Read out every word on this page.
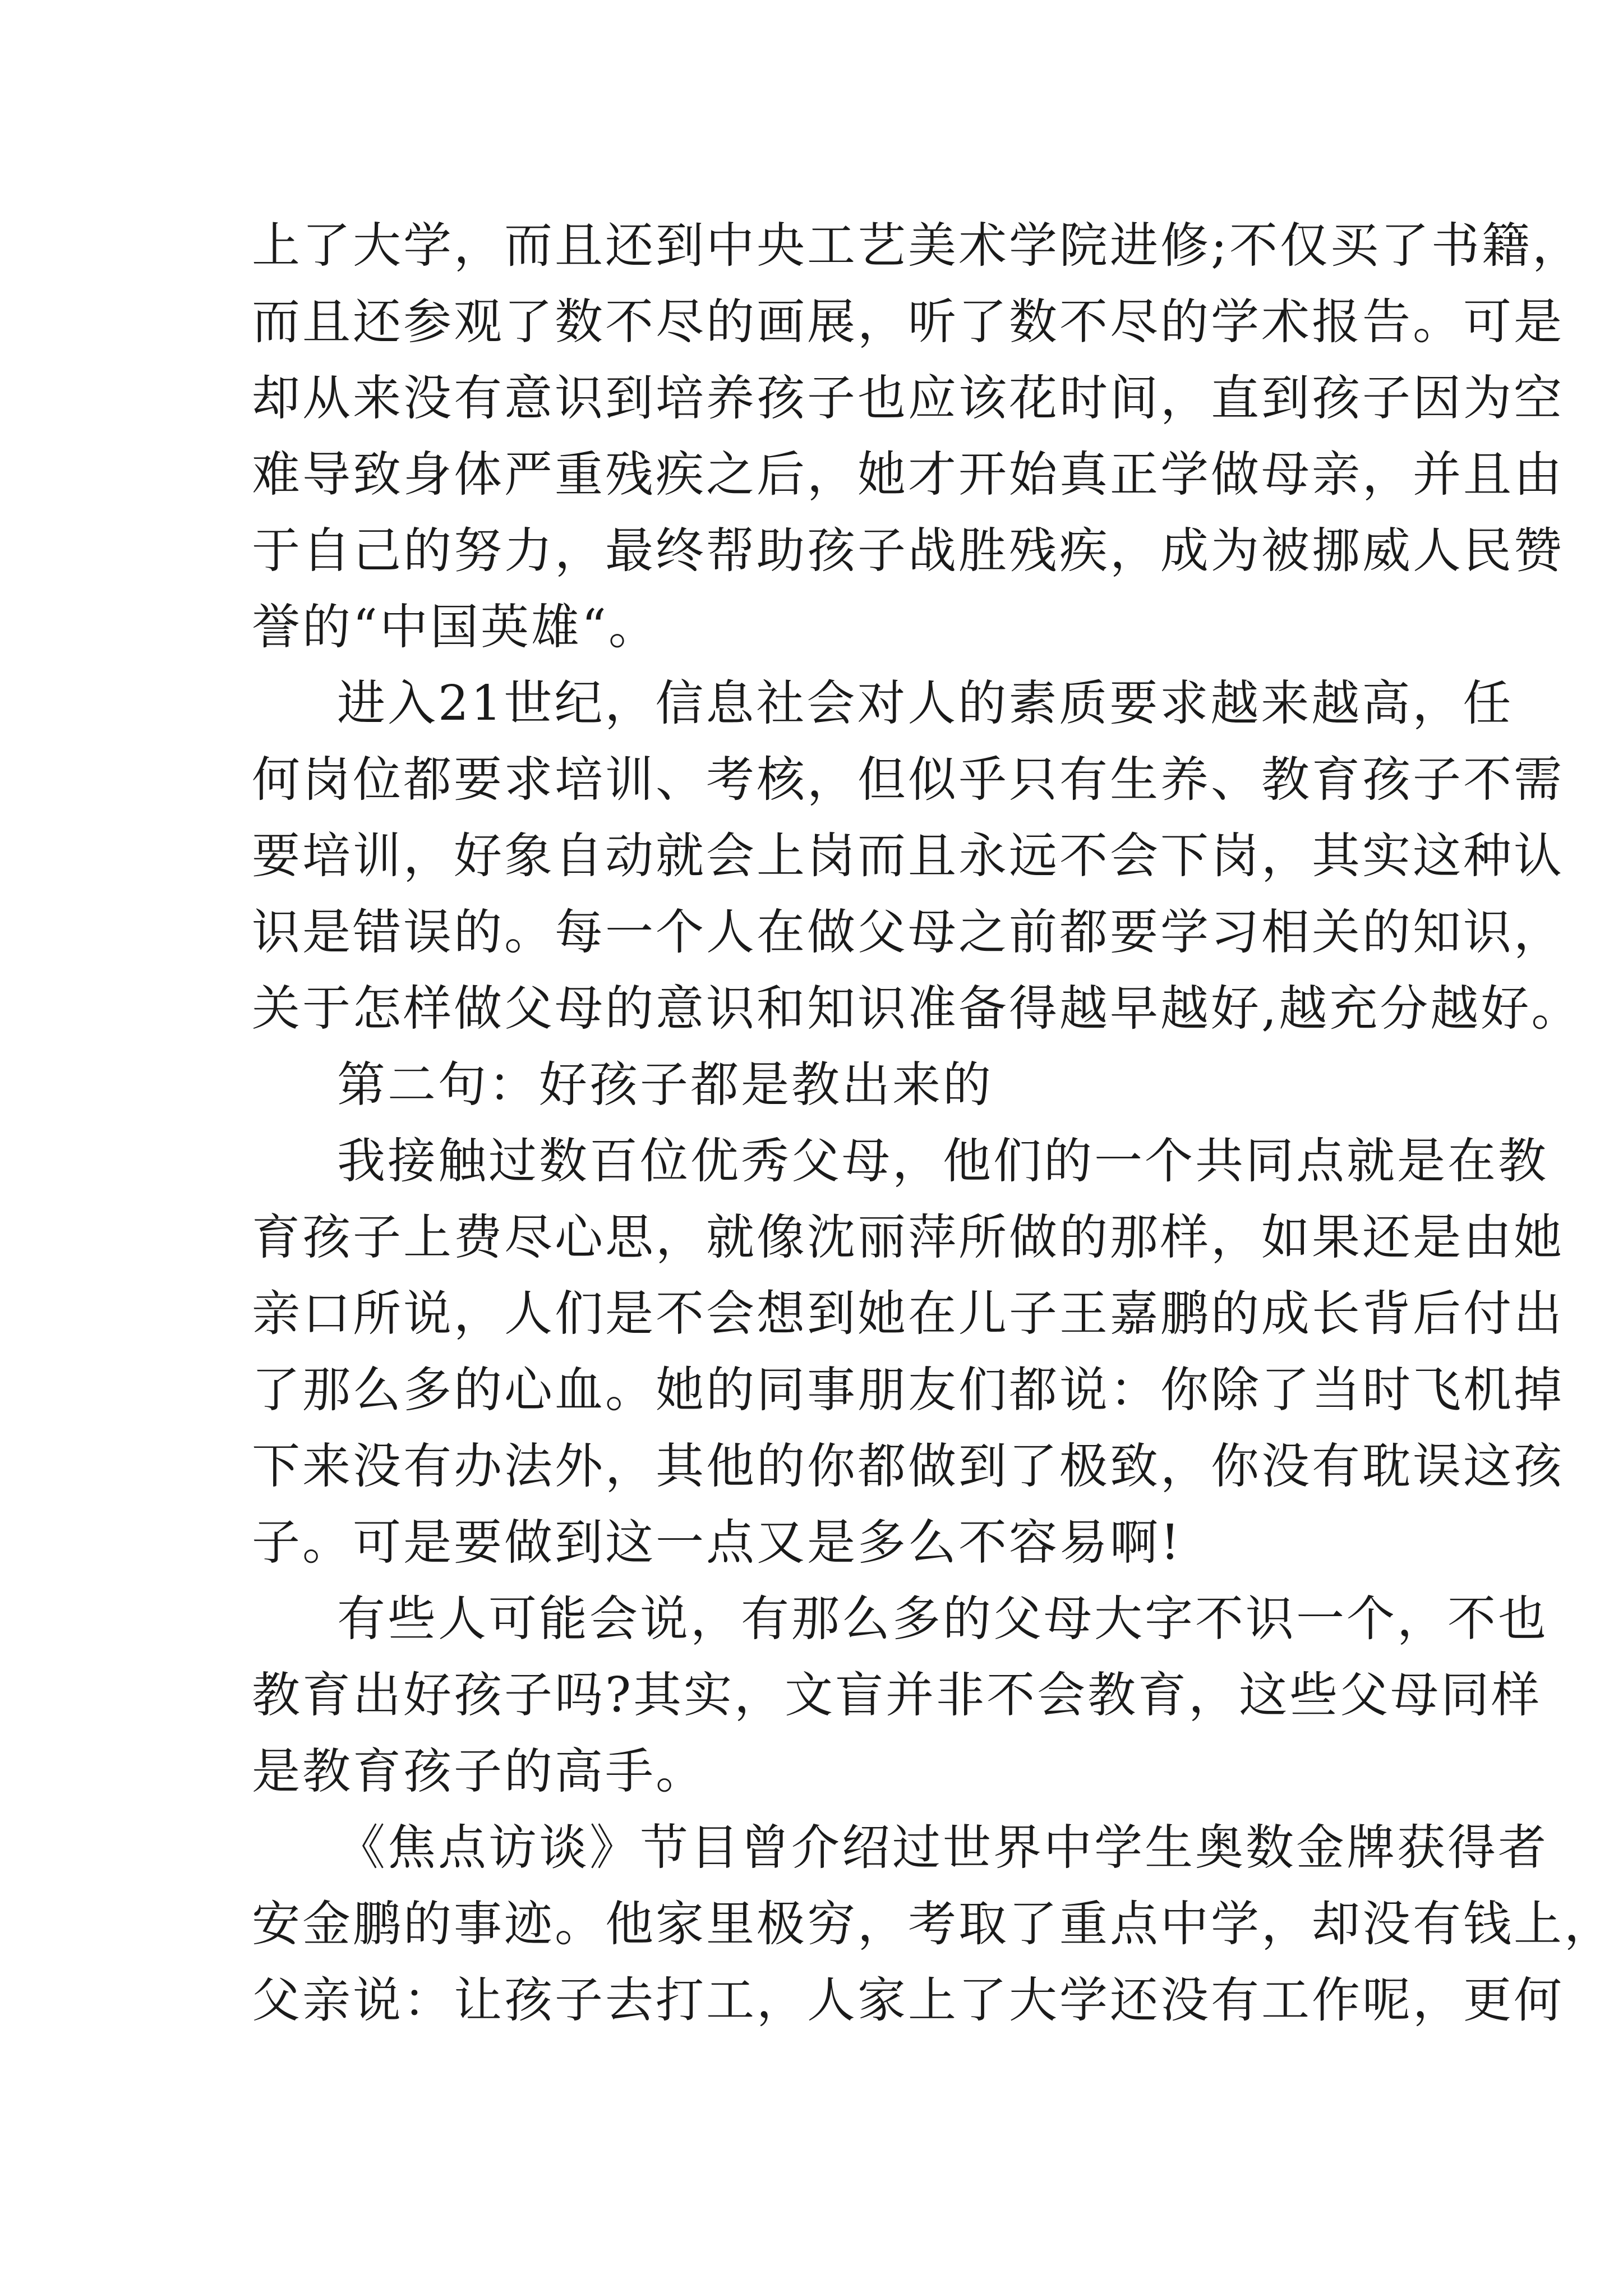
上了大学，而且还到中央工艺美术学院进修;不仅买了书籍，
而且还参观了数不尽的画展，听了数不尽的学术报告。可是
却从来没有意识到培养孩子也应该花时间，直到孩子因为空
难导致身体严重残疾之后，她才开始真正学做母亲，并且由
于自己的努力，最终帮助孩子战胜残疾，成为被挪威人民赞
誉的“中国英雄“。
进入21世纪，信息社会对人的素质要求越来越高，任
何岗位都要求培训、考核，但似乎只有生养、教育孩子不需
要培训，好象自动就会上岗而且永远不会下岗，其实这种认
识是错误的。每一个人在做父母之前都要学习相关的知识，
关于怎样做父母的意识和知识准备得越早越好,越充分越好。
第二句：好孩子都是教出来的
我接触过数百位优秀父母，他们的一个共同点就是在教
育孩子上费尽心思，就像沈丽萍所做的那样，如果还是由她
亲口所说，人们是不会想到她在儿子王嘉鹏的成长背后付出
了那么多的心血。她的同事朋友们都说：你除了当时飞机掉
下来没有办法外，其他的你都做到了极致，你没有耽误这孩
子。可是要做到这一点又是多么不容易啊!
有些人可能会说，有那么多的父母大字不识一个，不也
教育出好孩子吗?其实，文盲并非不会教育，这些父母同样
是教育孩子的高手。
《焦点访谈》节目曾介绍过世界中学生奥数金牌获得者
安金鹏的事迹。他家里极穷，考取了重点中学，却没有钱上，
父亲说：让孩子去打工，人家上了大学还没有工作呢，更何
